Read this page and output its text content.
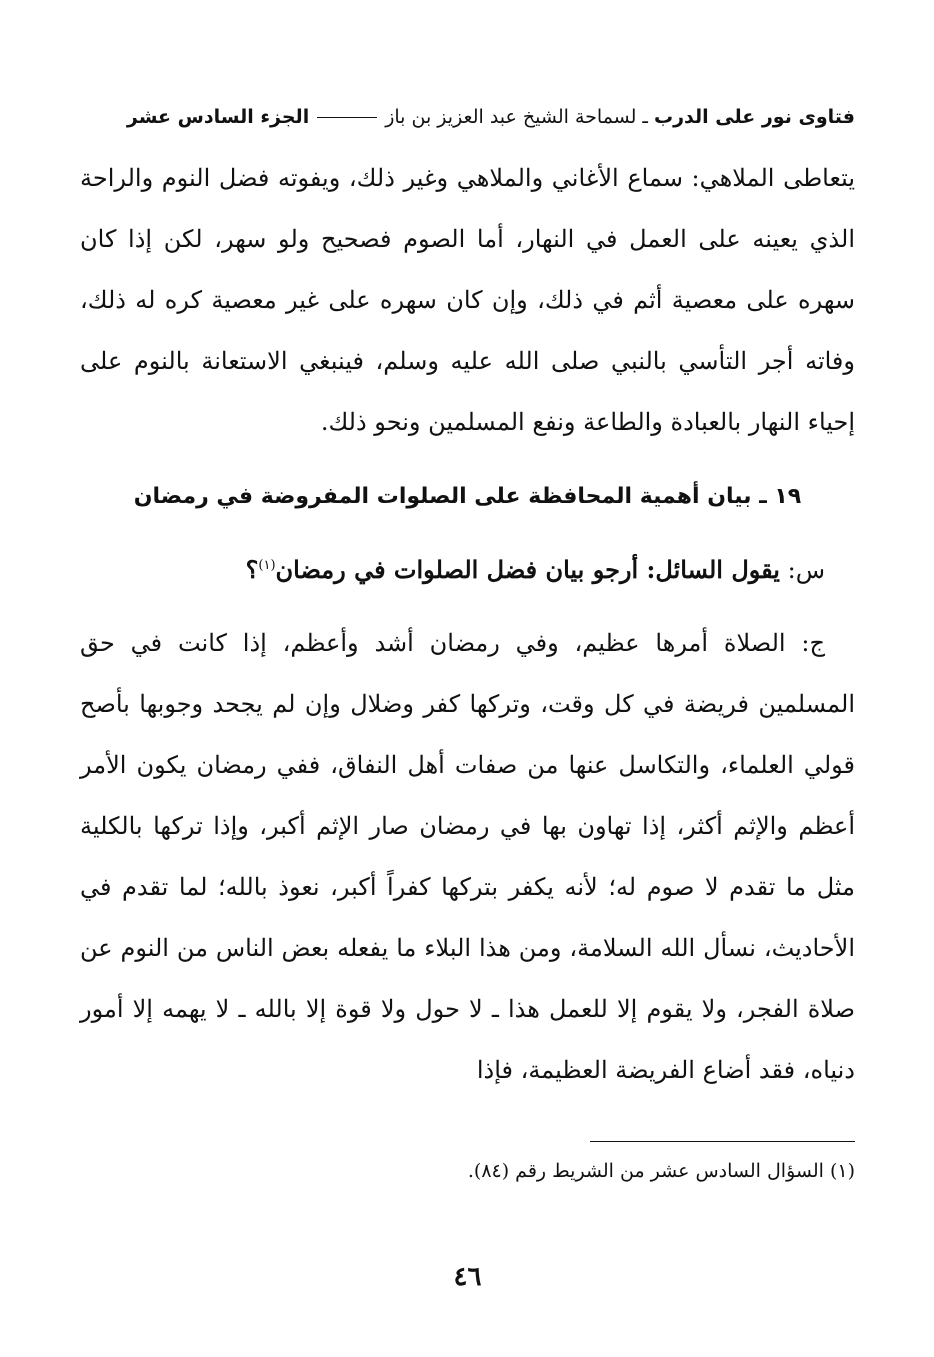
فتاوى نور على الدرب
ـ
لسماحة الشيخ عبد العزيز بن باز
الجزء السادس عشر

يتعاطى الملاهي: سماع الأغاني والملاهي وغير ذلك، ويفوته فضل النوم والراحة الذي يعينه على العمل في النهار، أما الصوم فصحيح ولو سهر، لكن إذا كان سهره على معصية أثم في ذلك، وإن كان سهره على غير معصية كره له ذلك، وفاته أجر التأسي بالنبي صلى الله عليه وسلم، فينبغي الاستعانة بالنوم على إحياء النهار بالعبادة والطاعة ونفع المسلمين ونحو ذلك.

١٩ ـ بيان أهمية المحافظة على الصلوات المفروضة في رمضان
س: يقول السائل: أرجو بيان فضل الصلوات في رمضان$^{(١)}$؟

ج: الصلاة أمرها عظيم، وفي رمضان أشد وأعظم، إذا كانت في حق المسلمين فريضة في كل وقت، وتركها كفر وضلال وإن لم يجحد وجوبها بأصح قولي العلماء، والتكاسل عنها من صفات أهل النفاق، ففي رمضان يكون الأمر أعظم والإثم أكثر، إذا تهاون بها في رمضان صار الإثم أكبر، وإذا تركها بالكلية مثل ما تقدم لا صوم له؛ لأنه يكفر بتركها كفراً أكبر، نعوذ بالله؛ لما تقدم في الأحاديث، نسأل الله السلامة، ومن هذا البلاء ما يفعله بعض الناس من النوم عن صلاة الفجر، ولا يقوم إلا للعمل هذا ـ لا حول ولا قوة إلا بالله ـ لا يهمه إلا أمور دنياه، فقد أضاع الفريضة العظيمة، فإذا

(١) السؤال السادس عشر من الشريط رقم (٨٤).
٤٦
